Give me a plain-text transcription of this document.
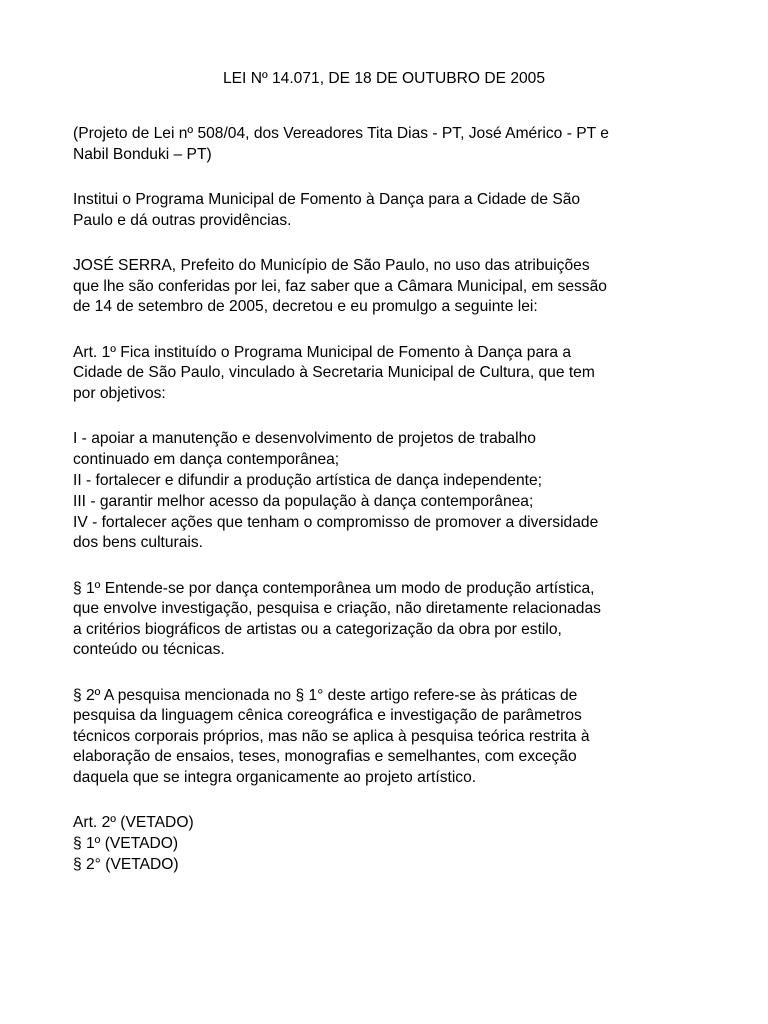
LEI Nº 14.071, DE 18 DE OUTUBRO DE 2005

(Projeto de Lei nº 508/04, dos Vereadores Tita Dias - PT, José Américo - PT e
Nabil Bonduki – PT)

Institui o Programa Municipal de Fomento à Dança para a Cidade de São
Paulo e dá outras providências.

JOSÉ SERRA, Prefeito do Município de São Paulo, no uso das atribuições
que lhe são conferidas por lei, faz saber que a Câmara Municipal, em sessão
de 14 de setembro de 2005, decretou e eu promulgo a seguinte lei:

Art. 1º Fica instituído o Programa Municipal de Fomento à Dança para a
Cidade de São Paulo, vinculado à Secretaria Municipal de Cultura, que tem
por objetivos:

I - apoiar a manutenção e desenvolvimento de projetos de trabalho
continuado em dança contemporânea;

II - fortalecer e difundir a produção artística de dança independente;

III - garantir melhor acesso da população à dança contemporânea;

IV - fortalecer ações que tenham o compromisso de promover a diversidade
dos bens culturais.

§ 1º Entende-se por dança contemporânea um modo de produção artística,
que envolve investigação, pesquisa e criação, não diretamente relacionadas
a critérios biográficos de artistas ou a categorização da obra por estilo,
conteúdo ou técnicas.

§ 2º A pesquisa mencionada no § 1° deste artigo refere-se às práticas de
pesquisa da linguagem cênica coreográfica e investigação de parâmetros
técnicos corporais próprios, mas não se aplica à pesquisa teórica restrita à
elaboração de ensaios, teses, monografias e semelhantes, com exceção
daquela que se integra organicamente ao projeto artístico.

Art. 2º (VETADO)

§ 1º (VETADO)

§ 2° (VETADO)
